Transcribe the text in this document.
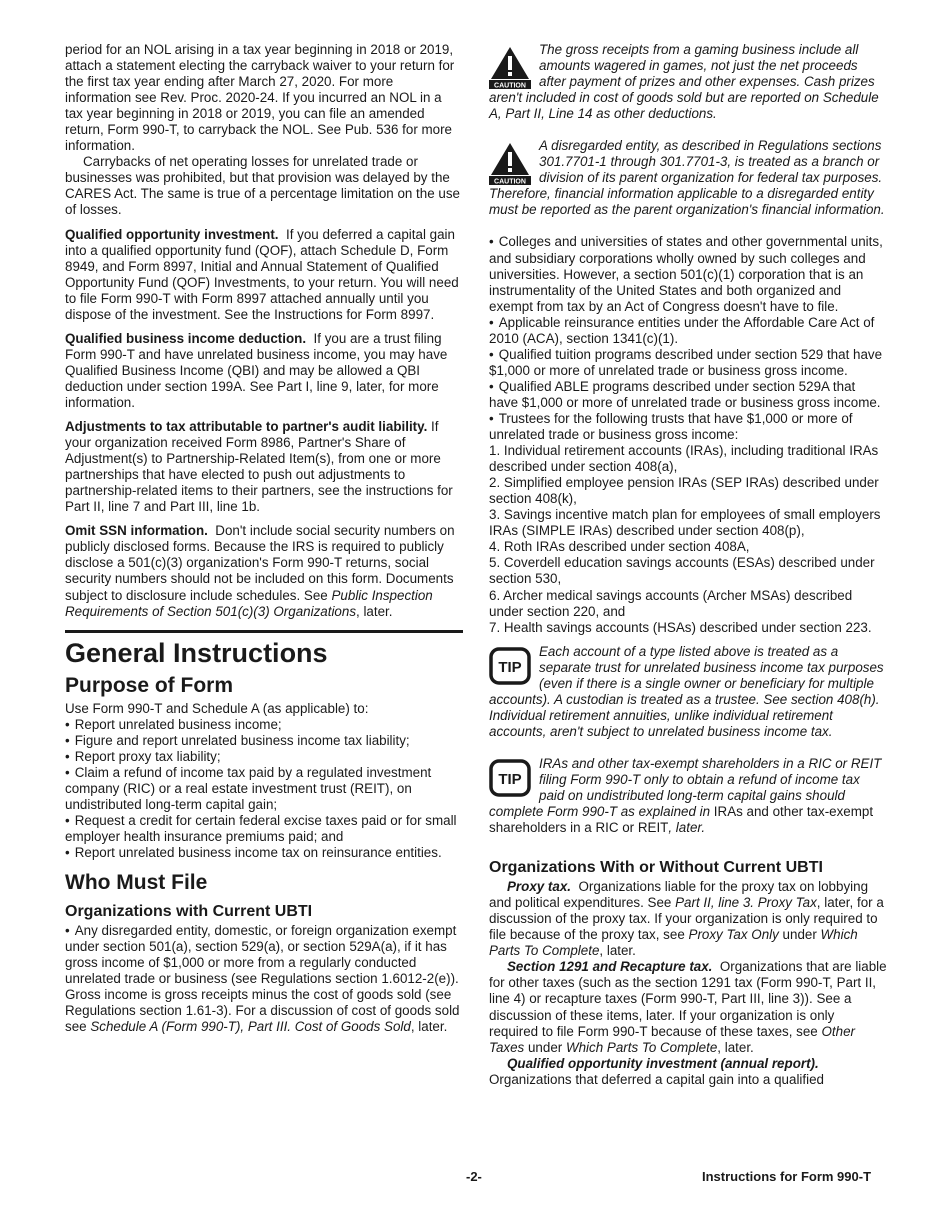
period for an NOL arising in a tax year beginning in 2018 or 2019, attach a statement electing the carryback waiver to your return for the first tax year ending after March 27, 2020. For more information see Rev. Proc. 2020-24. If you incurred an NOL in a tax year beginning in 2018 or 2019, you can file an amended return, Form 990-T, to carryback the NOL. See Pub. 536 for more information.

Carrybacks of net operating losses for unrelated trade or businesses was prohibited, but that provision was delayed by the CARES Act. The same is true of a percentage limitation on the use of losses.

Qualified opportunity investment. If you deferred a capital gain into a qualified opportunity fund (QOF), attach Schedule D, Form 8949, and Form 8997, Initial and Annual Statement of Qualified Opportunity Fund (QOF) Investments, to your return. You will need to file Form 990-T with Form 8997 attached annually until you dispose of the investment. See the Instructions for Form 8997.

Qualified business income deduction. If you are a trust filing Form 990-T and have unrelated business income, you may have Qualified Business Income (QBI) and may be allowed a QBI deduction under section 199A. See Part I, line 9, later, for more information.

Adjustments to tax attributable to partner's audit liability. If your organization received Form 8986, Partner's Share of Adjustment(s) to Partnership-Related Item(s), from one or more partnerships that have elected to push out adjustments to partnership-related items to their partners, see the instructions for Part II, line 7 and Part III, line 1b.

Omit SSN information. Don't include social security numbers on publicly disclosed forms. Because the IRS is required to publicly disclose a 501(c)(3) organization's Form 990-T returns, social security numbers should not be included on this form. Documents subject to disclosure include schedules. See Public Inspection Requirements of Section 501(c)(3) Organizations, later.

General Instructions
Purpose of Form

Use Form 990-T and Schedule A (as applicable) to:

• Report unrelated business income;

• Figure and report unrelated business income tax liability;

• Report proxy tax liability;

• Claim a refund of income tax paid by a regulated investment company (RIC) or a real estate investment trust (REIT), on undistributed long-term capital gain;

• Request a credit for certain federal excise taxes paid or for small employer health insurance premiums paid; and

• Report unrelated business income tax on reinsurance entities.

Who Must File
Organizations with Current UBTI

• Any disregarded entity, domestic, or foreign organization exempt under section 501(a), section 529(a), or section 529A(a), if it has gross income of $1,000 or more from a regularly conducted unrelated trade or business (see Regulations section 1.6012-2(e)). Gross income is gross receipts minus the cost of goods sold (see Regulations section 1.61-3). For a discussion of cost of goods sold see Schedule A (Form 990-T), Part III. Cost of Goods Sold, later.

CAUTION

The gross receipts from a gaming business include all amounts wagered in games, not just the net proceeds after payment of prizes and other expenses. Cash prizes aren't included in cost of goods sold but are reported on Schedule A, Part II, Line 14 as other deductions.

CAUTION

A disregarded entity, as described in Regulations sections 301.7701-1 through 301.7701-3, is treated as a branch or division of its parent organization for federal tax purposes. Therefore, financial information applicable to a disregarded entity must be reported as the parent organization's financial information.

• Colleges and universities of states and other governmental units, and subsidiary corporations wholly owned by such colleges and universities. However, a section 501(c)(1) corporation that is an instrumentality of the United States and both organized and exempt from tax by an Act of Congress doesn't have to file.

• Applicable reinsurance entities under the Affordable Care Act of 2010 (ACA), section 1341(c)(1).

• Qualified tuition programs described under section 529 that have $1,000 or more of unrelated trade or business gross income.

• Qualified ABLE programs described under section 529A that have $1,000 or more of unrelated trade or business gross income.

• Trustees for the following trusts that have $1,000 or more of unrelated trade or business gross income:

1. Individual retirement accounts (IRAs), including traditional IRAs described under section 408(a),

2. Simplified employee pension IRAs (SEP IRAs) described under section 408(k),

3. Savings incentive match plan for employees of small employers IRAs (SIMPLE IRAs) described under section 408(p),

4. Roth IRAs described under section 408A,

5. Coverdell education savings accounts (ESAs) described under section 530,

6. Archer medical savings accounts (Archer MSAs) described under section 220, and

7. Health savings accounts (HSAs) described under section 223.

TIP

Each account of a type listed above is treated as a separate trust for unrelated business income tax purposes (even if there is a single owner or beneficiary for multiple accounts). A custodian is treated as a trustee. See section 408(h). Individual retirement annuities, unlike individual retirement accounts, aren't subject to unrelated business income tax.

TIP

IRAs and other tax-exempt shareholders in a RIC or REIT filing Form 990-T only to obtain a refund of income tax paid on undistributed long-term capital gains should complete Form 990-T as explained in IRAs and other tax-exempt shareholders in a RIC or REIT, later.

Organizations With or Without Current UBTI

Proxy tax. Organizations liable for the proxy tax on lobbying and political expenditures. See Part II, line 3. Proxy Tax, later, for a discussion of the proxy tax. If your organization is only required to file because of the proxy tax, see Proxy Tax Only under Which Parts To Complete, later.

Section 1291 and Recapture tax. Organizations that are liable for other taxes (such as the section 1291 tax (Form 990-T, Part II, line 4) or recapture taxes (Form 990-T, Part III, line 3)). See a discussion of these items, later. If your organization is only required to file Form 990-T because of these taxes, see Other Taxes under Which Parts To Complete, later.

Qualified opportunity investment (annual report).

Organizations that deferred a capital gain into a qualified

-2-	Instructions for Form 990-T
